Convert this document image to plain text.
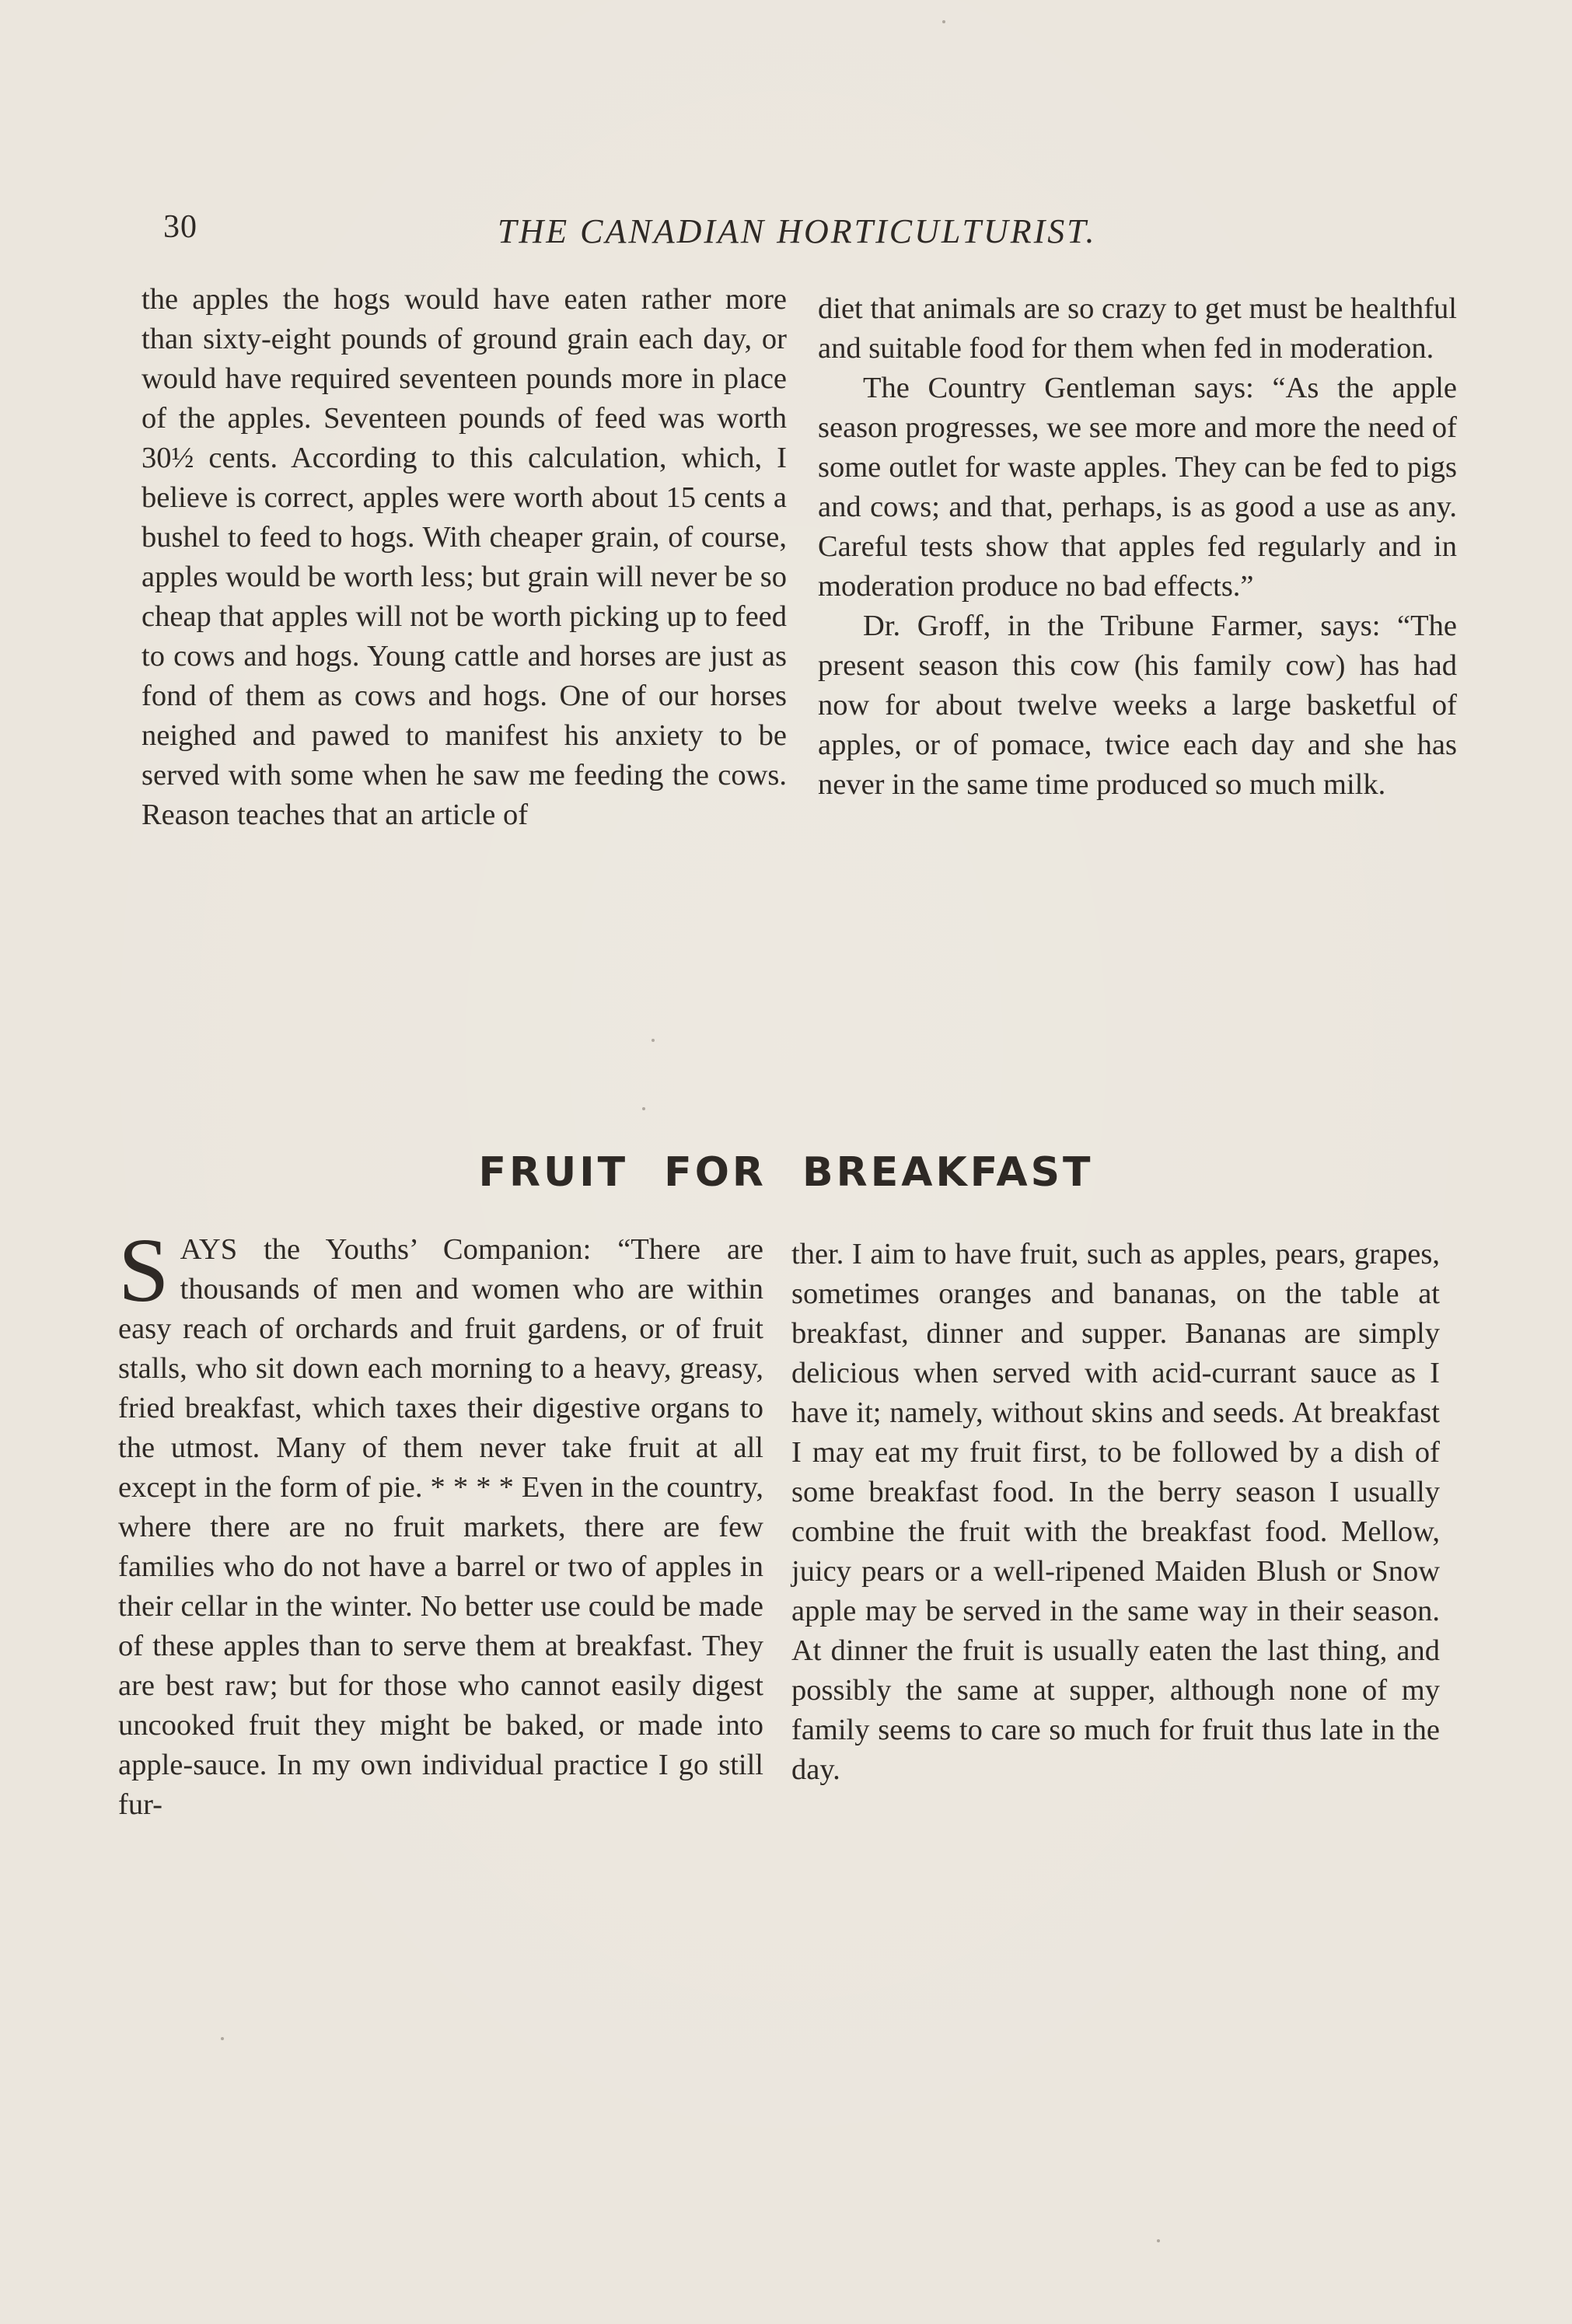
30	THE CANADIAN HORTICULTURIST.

the apples the hogs would have eaten rather more than sixty-eight pounds of ground grain each day, or would have required seventeen pounds more in place of the apples. Seventeen pounds of feed was worth 30½ cents. According to this calculation, which, I believe is correct, apples were worth about 15 cents a bushel to feed to hogs. With cheaper grain, of course, apples would be worth less; but grain will never be so cheap that apples will not be worth picking up to feed to cows and hogs. Young cattle and horses are just as fond of them as cows and hogs. One of our horses neighed and pawed to manifest his anxiety to be served with some when he saw me feeding the cows. Reason teaches that an article of

diet that animals are so crazy to get must be healthful and suitable food for them when fed in moderation.

The Country Gentleman says: “As the apple season progresses, we see more and more the need of some outlet for waste apples. They can be fed to pigs and cows; and that, perhaps, is as good a use as any. Careful tests show that apples fed regularly and in moderation produce no bad effects.”

Dr. Groff, in the Tribune Farmer, says: “The present season this cow (his family cow) has had now for about twelve weeks a large basketful of apples, or of pomace, twice each day and she has never in the same time produced so much milk.

FRUIT FOR BREAKFAST

SAYS the Youths’ Companion: “There are thousands of men and women who are within easy reach of orchards and fruit gardens, or of fruit stalls, who sit down each morning to a heavy, greasy, fried breakfast, which taxes their digestive organs to the utmost. Many of them never take fruit at all except in the form of pie. * * * * Even in the country, where there are no fruit markets, there are few families who do not have a barrel or two of apples in their cellar in the winter. No better use could be made of these apples than to serve them at breakfast. They are best raw; but for those who cannot easily digest uncooked fruit they might be baked, or made into apple-sauce. In my own individual practice I go still fur-

ther. I aim to have fruit, such as apples, pears, grapes, sometimes oranges and bananas, on the table at breakfast, dinner and supper. Bananas are simply delicious when served with acid-currant sauce as I have it; namely, without skins and seeds. At breakfast I may eat my fruit first, to be followed by a dish of some breakfast food. In the berry season I usually combine the fruit with the breakfast food. Mellow, juicy pears or a well-ripened Maiden Blush or Snow apple may be served in the same way in their season. At dinner the fruit is usually eaten the last thing, and possibly the same at supper, although none of my family seems to care so much for fruit thus late in the day.
